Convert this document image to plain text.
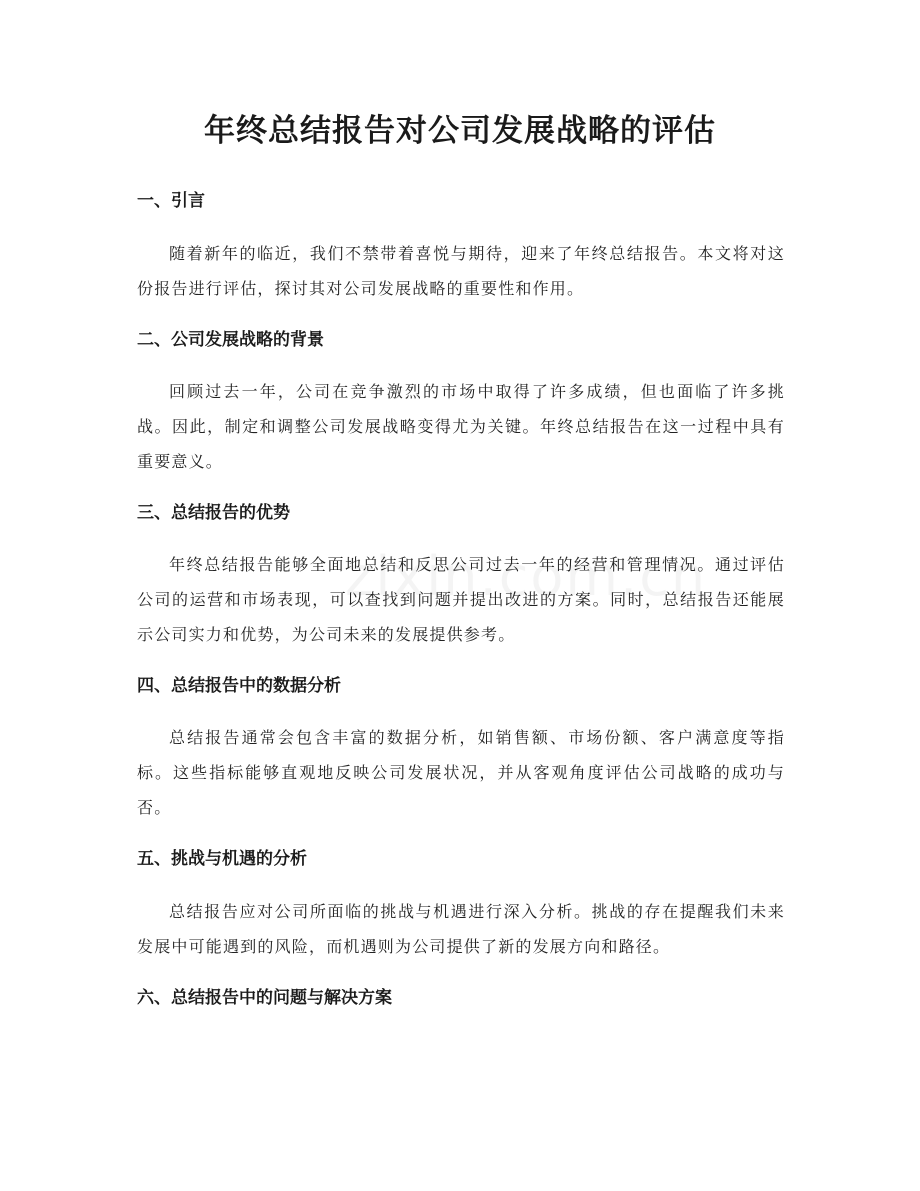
年终总结报告对公司发展战略的评估
一、引言

随着新年的临近，我们不禁带着喜悦与期待，迎来了年终总结报告。本文将对这份报告进行评估，探讨其对公司发展战略的重要性和作用。

二、公司发展战略的背景

回顾过去一年，公司在竞争激烈的市场中取得了许多成绩，但也面临了许多挑战。因此，制定和调整公司发展战略变得尤为关键。年终总结报告在这一过程中具有重要意义。

三、总结报告的优势

年终总结报告能够全面地总结和反思公司过去一年的经营和管理情况。通过评估公司的运营和市场表现，可以查找到问题并提出改进的方案。同时，总结报告还能展示公司实力和优势，为公司未来的发展提供参考。

四、总结报告中的数据分析

总结报告通常会包含丰富的数据分析，如销售额、市场份额、客户满意度等指标。这些指标能够直观地反映公司发展状况，并从客观角度评估公司战略的成功与否。

五、挑战与机遇的分析

总结报告应对公司所面临的挑战与机遇进行深入分析。挑战的存在提醒我们未来发展中可能遇到的风险，而机遇则为公司提供了新的发展方向和路径。

六、总结报告中的问题与解决方案
